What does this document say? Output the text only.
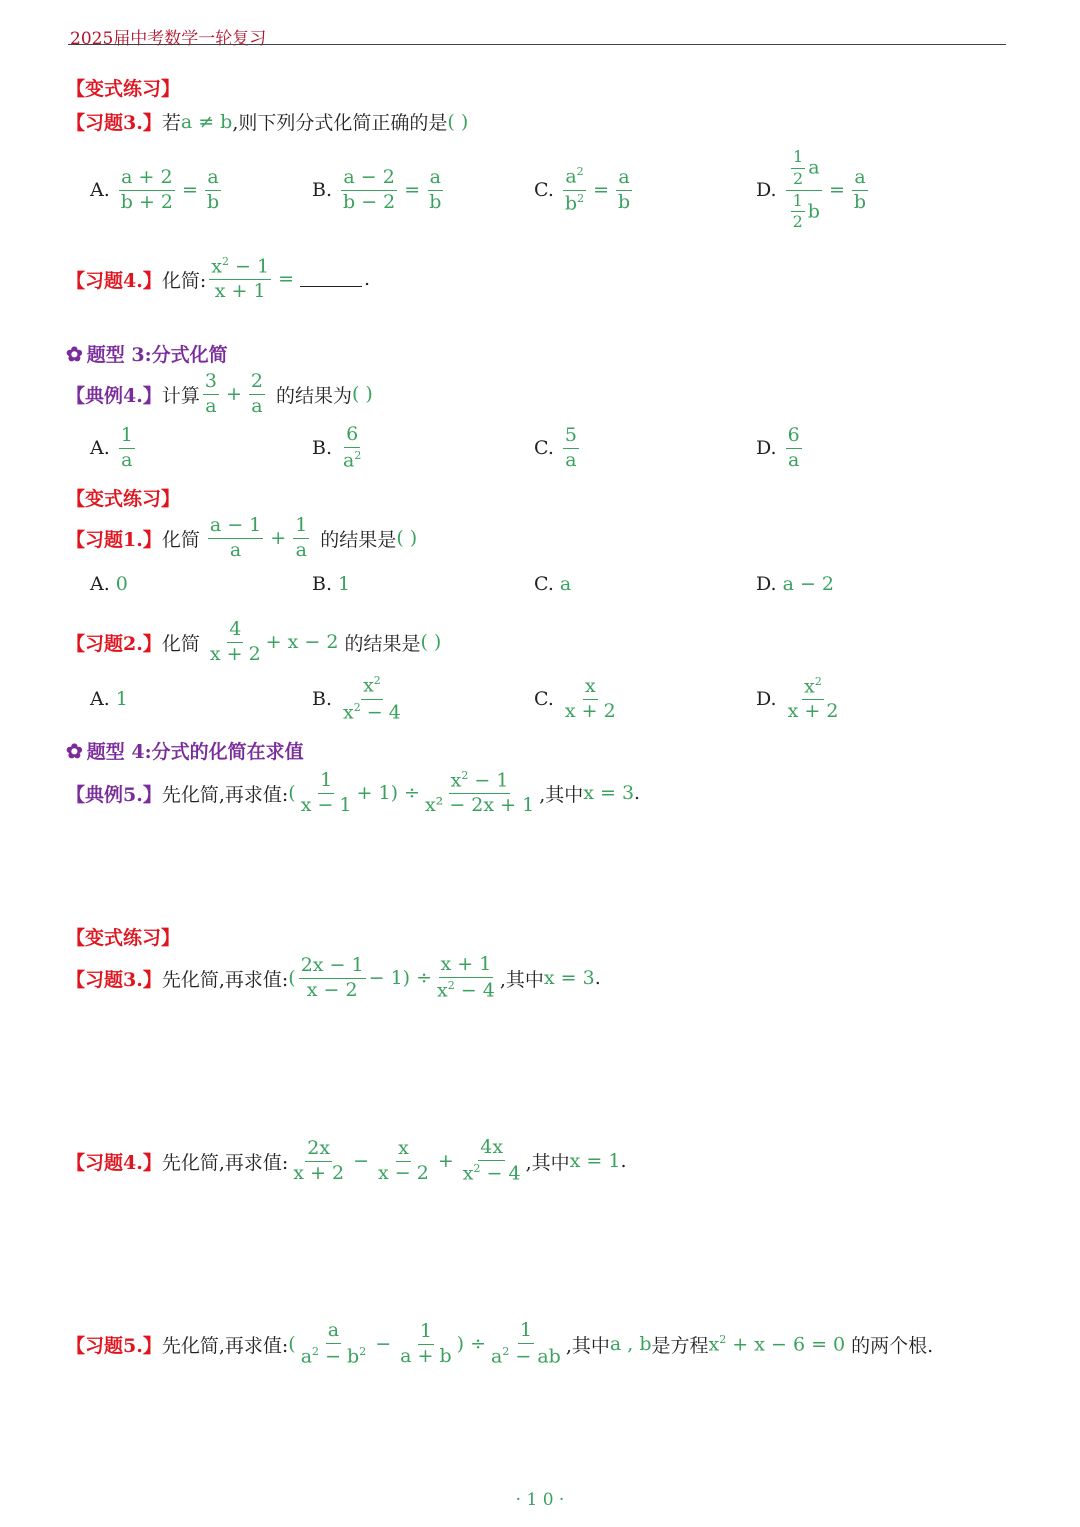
2025届中考数学一轮复习
【变式练习】
【习题3.】 若 a ≠ b ,则下列分式化简正确的是 ( )
A. $\frac{a + 2}{b + 2} = \frac{a}{b}$	B. $\frac{a - 2}{b - 2} = \frac{a}{b}$	C. $\frac{a^2}{b^2} = \frac{a}{b}$	D. $\frac{\frac{1}{2} a}{\frac{1}{2} b} = \frac{a}{b}$
【习题4.】 化简: $\frac{x^2 - 1}{x + 1}$ =	.
✿ 题型 3:分式化简
【典例4.】 计算 $\frac{3}{a} + \frac{2}{a}$ 的结果为 ( )
A. $\frac{1}{a}$	B. $\frac{6}{a^2}$	C. $\frac{5}{a}$	D. $\frac{6}{a}$
【变式练习】
【习题1.】 化简 $\frac{a - 1}{a} + \frac{1}{a}$ 的结果是 ( )
A. 0	B. 1	C. a	D. a − 2
【习题2.】 化简 $\frac{4}{x + 2} + x - 2$ 的结果是 ( )
A. 1	B. $\frac{x^2}{x^2 - 4}$	C. $\frac{x}{x + 2}$	D. $\frac{x^2}{x + 2}$
✿ 题型 4:分式的化简在求值
【典例5.】 先化简,再求值: ( $\frac{1}{x - 1} + 1) \div \frac{x^2 - 1}{\text{x² − 2x + 1}}$ ,其中 x = 3 .
【变式练习】
【习题3.】 先化简,再求值: ( $\frac{2x - 1}{x - 2} - 1) \div \frac{x + 1}{x^2 - 4}$ ,其中 x = 3 .
【习题4.】 先化简,再求值: $\frac{2x}{x + 2} - \frac{x}{x - 2} + \frac{4x}{x^2 - 4}$ ,其中 x = 1 .
【习题5.】 先化简,再求值: ( $\frac{a}{a^2 - b^2} - \frac{1}{a + b}$ ) ÷ $\frac{1}{a^2 - ab}$ ,其中 a , b 是方程 $x^2 + x - 6 = 0$ 的两个根.
· 1 0 ·
